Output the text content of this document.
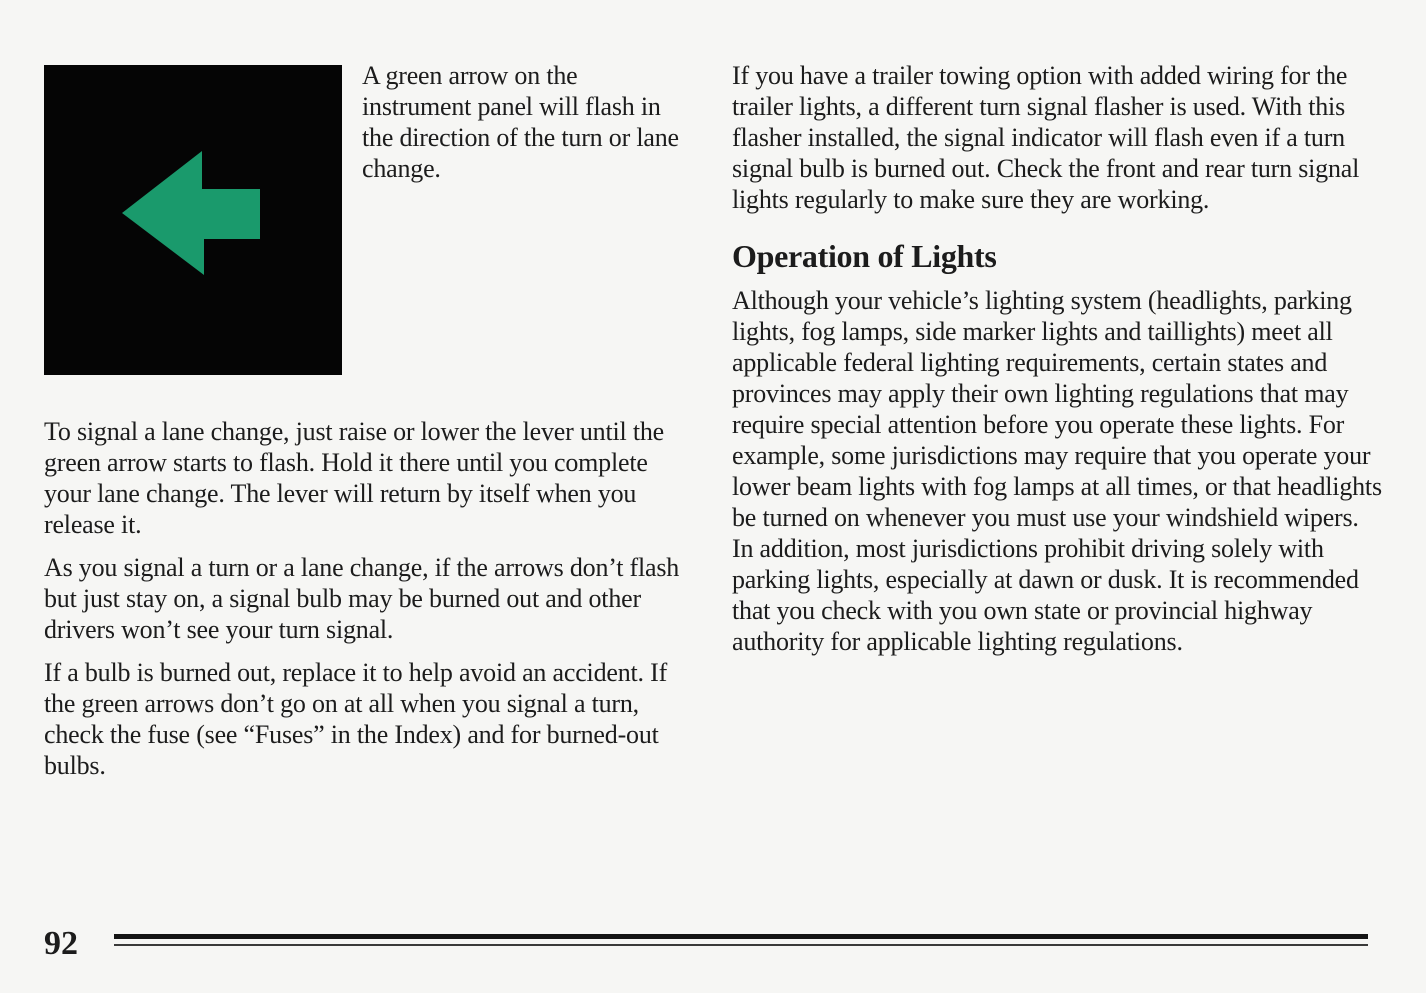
A green arrow on the instrument panel will flash in the direction of the turn or lane change.

To signal a lane change, just raise or lower the lever until the green arrow starts to flash. Hold it there until you complete your lane change. The lever will return by itself when you release it.

As you signal a turn or a lane change, if the arrows don’t flash but just stay on, a signal bulb may be burned out and other drivers won’t see your turn signal.

If a bulb is burned out, replace it to help avoid an accident. If the green arrows don’t go on at all when you signal a turn, check the fuse (see “Fuses” in the Index) and for burned-out bulbs.

If you have a trailer towing option with added wiring for the trailer lights, a different turn signal flasher is used. With this flasher installed, the signal indicator will flash even if a turn signal bulb is burned out. Check the front and rear turn signal lights regularly to make sure they are working.

Operation of Lights

Although your vehicle’s lighting system (headlights, parking lights, fog lamps, side marker lights and taillights) meet all applicable federal lighting requirements, certain states and provinces may apply their own lighting regulations that may require special attention before you operate these lights. For example, some jurisdictions may require that you operate your lower beam lights with fog lamps at all times, or that headlights be turned on whenever you must use your windshield wipers. In addition, most jurisdictions prohibit driving solely with parking lights, especially at dawn or dusk. It is recommended that you check with you own state or provincial highway authority for applicable lighting regulations.

92
